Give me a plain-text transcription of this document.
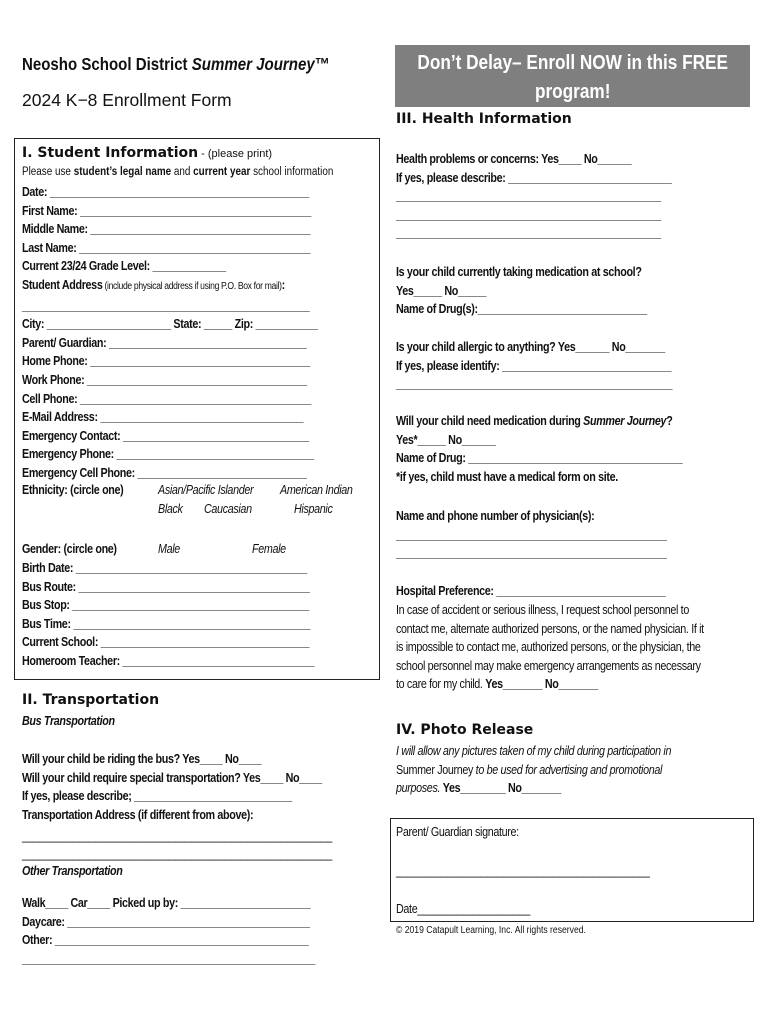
Neosho School District Summer Journey™
2024 K−8 Enrollment Form
Don’t Delay– Enroll NOW in this FREE
program!
I. Student Information - (please print)
Please use student’s legal name and current year school information
Date: ______________________________________________
First Name: _________________________________________
Middle Name: _______________________________________
Last Name: _________________________________________
Current 23/24 Grade Level: _____________
Student Address (include physical address if using P.O. Box for mail):
___________________________________________________
City: ______________________ State: _____ Zip: ___________
Parent/ Guardian: ___________________________________
Home Phone: _______________________________________
Work Phone: _______________________________________
Cell Phone: _________________________________________
E-Mail Address: ____________________________________
Emergency Contact: _________________________________
Emergency Phone: ___________________________________
Emergency Cell Phone: ______________________________
Ethnicity: (circle one)	Asian/Pacific Islander American Indian
Black Caucasian	Hispanic
Gender: (circle one)	Male	Female
Birth Date: _________________________________________
Bus Route: _________________________________________
Bus Stop: __________________________________________
Bus Time: __________________________________________
Current School: _____________________________________
Homeroom Teacher: __________________________________
II. Transportation
Bus Transportation
Will your child be riding the bus? Yes____ No____
Will your child require special transportation? Yes____ No____
If yes, please describe; ____________________________
Transportation Address (if different from above):
_______________________________________________________
_______________________________________________________
Other Transportation
Walk____ Car____ Picked up by: _______________________
Daycare: ___________________________________________
Other: _____________________________________________
____________________________________________________
III. Health Information
Health problems or concerns: Yes____ No______
If yes, please describe: _____________________________
_______________________________________________
_______________________________________________
_______________________________________________
Is your child currently taking medication at school?
Yes_____ No_____
Name of Drug(s):______________________________
Is your child allergic to anything? Yes______ No_______
If yes, please identify: ______________________________
_________________________________________________
Will your child need medication during Summer Journey?
Yes*_____ No______
Name of Drug: ______________________________________
*if yes, child must have a medical form on site.
Name and phone number of physician(s):
________________________________________________
________________________________________________
Hospital Preference: ______________________________
In case of accident or serious illness, I request school personnel to
contact me, alternate authorized persons, or the named physician. If it
is impossible to contact me, authorized persons, or the physician, the
school personnel may make emergency arrangements as necessary
to care for my child. Yes_______ No_______
IV. Photo Release
I will allow any pictures taken of my child during participation in
Summer Journey to be used for advertising and promotional
purposes. Yes________ No_______
Parent/ Guardian signature:
_____________________________________________
Date____________________
© 2019 Catapult Learning, Inc. All rights reserved.
